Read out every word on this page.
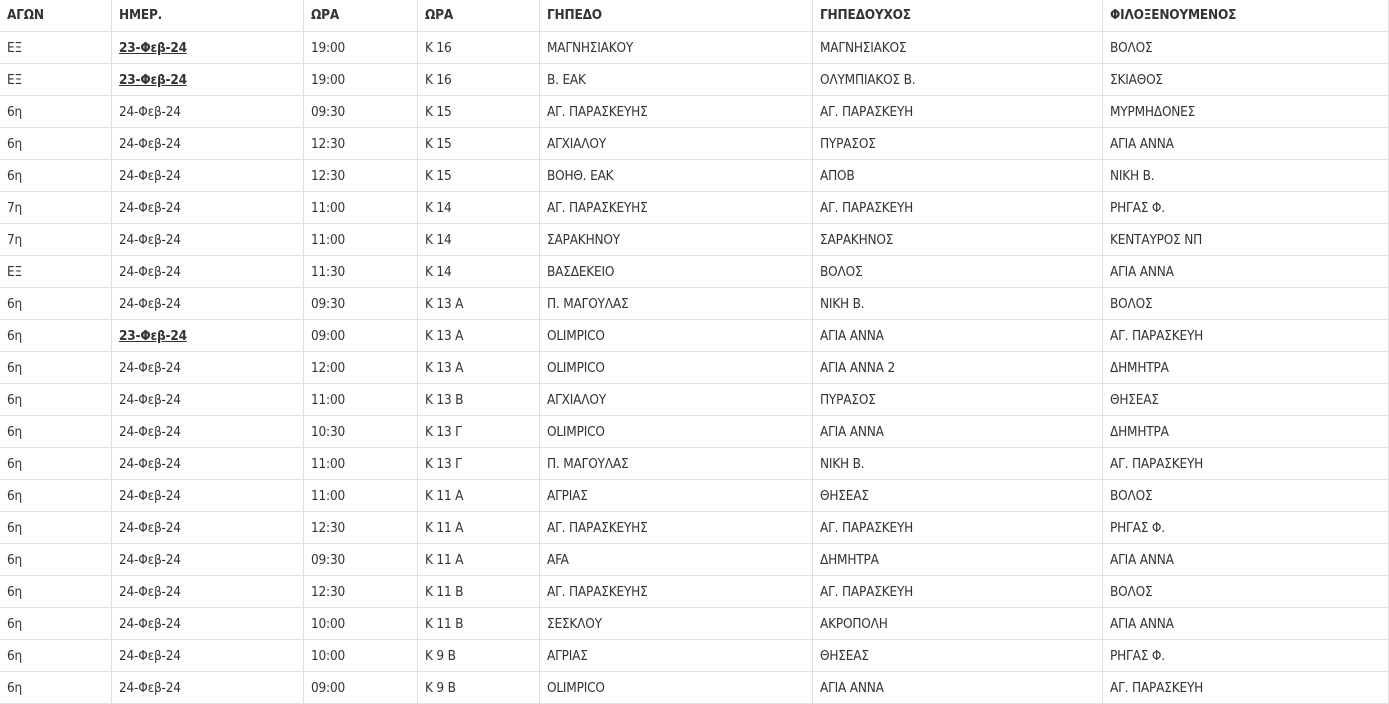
ΑΓΩΝ	ΗΜΕΡ.	ΩΡΑ	ΩΡΑ	ΓΗΠΕΔΟ	ΓΗΠΕΔΟΥΧΟΣ	ΦΙΛΟΞΕΝΟΥΜΕΝΟΣ
ΕΞ	23-Φεβ-24	19:00	Κ 16	ΜΑΓΝΗΣΙΑΚΟΥ	ΜΑΓΝΗΣΙΑΚΟΣ	ΒΟΛΟΣ
ΕΞ	23-Φεβ-24	19:00	Κ 16	Β. ΕΑΚ	ΟΛΥΜΠΙΑΚΟΣ Β.	ΣΚΙΑΘΟΣ
6η	24-Φεβ-24	09:30	Κ 15	ΑΓ. ΠΑΡΑΣΚΕΥΗΣ	ΑΓ. ΠΑΡΑΣΚΕΥΗ	ΜΥΡΜΗΔΟΝΕΣ
6η	24-Φεβ-24	12:30	Κ 15	ΑΓΧΙΑΛΟΥ	ΠΥΡΑΣΟΣ	ΑΓΙΑ ΑΝΝΑ
6η	24-Φεβ-24	12:30	Κ 15	ΒΟΗΘ. ΕΑΚ	ΑΠΟΒ	ΝΙΚΗ Β.
7η	24-Φεβ-24	11:00	Κ 14	ΑΓ. ΠΑΡΑΣΚΕΥΗΣ	ΑΓ. ΠΑΡΑΣΚΕΥΗ	ΡΗΓΑΣ Φ.
7η	24-Φεβ-24	11:00	Κ 14	ΣΑΡΑΚΗΝΟΥ	ΣΑΡΑΚΗΝΟΣ	ΚΕΝΤΑΥΡΟΣ ΝΠ
ΕΞ	24-Φεβ-24	11:30	Κ 14	ΒΑΣΔΕΚΕΙΟ	ΒΟΛΟΣ	ΑΓΙΑ ΑΝΝΑ
6η	24-Φεβ-24	09:30	Κ 13 Α	Π. ΜΑΓΟΥΛΑΣ	ΝΙΚΗ Β.	ΒΟΛΟΣ
6η	23-Φεβ-24	09:00	Κ 13 Α	OLIMPICO	ΑΓΙΑ ΑΝΝΑ	ΑΓ. ΠΑΡΑΣΚΕΥΗ
6η	24-Φεβ-24	12:00	Κ 13 Α	OLIMPICO	ΑΓΙΑ ΑΝΝΑ 2	ΔΗΜΗΤΡΑ
6η	24-Φεβ-24	11:00	Κ 13 Β	ΑΓΧΙΑΛΟΥ	ΠΥΡΑΣΟΣ	ΘΗΣΕΑΣ
6η	24-Φεβ-24	10:30	Κ 13 Γ	OLIMPICO	ΑΓΙΑ ΑΝΝΑ	ΔΗΜΗΤΡΑ
6η	24-Φεβ-24	11:00	Κ 13 Γ	Π. ΜΑΓΟΥΛΑΣ	ΝΙΚΗ Β.	ΑΓ. ΠΑΡΑΣΚΕΥΗ
6η	24-Φεβ-24	11:00	Κ 11 Α	ΑΓΡΙΑΣ	ΘΗΣΕΑΣ	ΒΟΛΟΣ
6η	24-Φεβ-24	12:30	Κ 11 Α	ΑΓ. ΠΑΡΑΣΚΕΥΗΣ	ΑΓ. ΠΑΡΑΣΚΕΥΗ	ΡΗΓΑΣ Φ.
6η	24-Φεβ-24	09:30	Κ 11 Α	AFA	ΔΗΜΗΤΡΑ	ΑΓΙΑ ΑΝΝΑ
6η	24-Φεβ-24	12:30	Κ 11 Β	ΑΓ. ΠΑΡΑΣΚΕΥΗΣ	ΑΓ. ΠΑΡΑΣΚΕΥΗ	ΒΟΛΟΣ
6η	24-Φεβ-24	10:00	Κ 11 Β	ΣΕΣΚΛΟΥ	ΑΚΡΟΠΟΛΗ	ΑΓΙΑ ΑΝΝΑ
6η	24-Φεβ-24	10:00	Κ 9 Β	ΑΓΡΙΑΣ	ΘΗΣΕΑΣ	ΡΗΓΑΣ Φ.
6η	24-Φεβ-24	09:00	Κ 9 Β	OLIMPICO	ΑΓΙΑ ΑΝΝΑ	ΑΓ. ΠΑΡΑΣΚΕΥΗ
